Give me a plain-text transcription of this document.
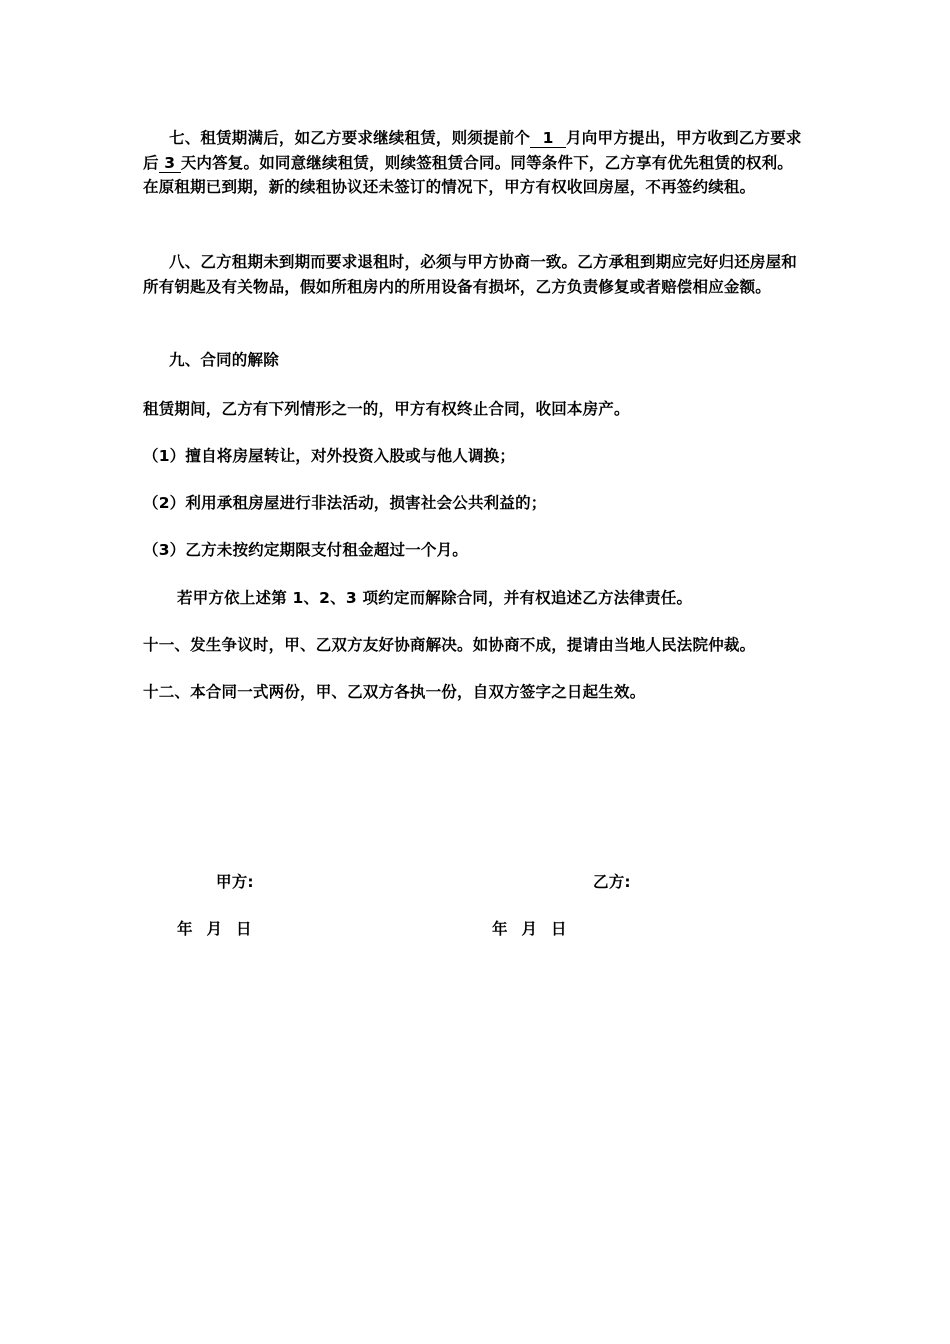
七、租赁期满后，如乙方要求继续租赁，则须提前个 1 月向甲方提出，甲方收到乙方要求后 3 天内答复。如同意继续租赁，则续签租赁合同。同等条件下，乙方享有优先租赁的权利。在原租期已到期，新的续租协议还未签订的情况下，甲方有权收回房屋，不再签约续租。
八、乙方租期未到期而要求退租时，必须与甲方协商一致。乙方承租到期应完好归还房屋和所有钥匙及有关物品，假如所租房内的所用设备有损坏，乙方负责修复或者赔偿相应金额。
九、合同的解除
租赁期间，乙方有下列情形之一的，甲方有权终止合同，收回本房产。
（1）擅自将房屋转让，对外投资入股或与他人调换；
（2）利用承租房屋进行非法活动，损害社会公共利益的；
（3）乙方未按约定期限支付租金超过一个月。
若甲方依上述第 1、2、3 项约定而解除合同，并有权追述乙方法律责任。
十一、发生争议时，甲、乙双方友好协商解决。如协商不成，提请由当地人民法院仲裁。
十二、本合同一式两份，甲、乙双方各执一份，自双方签字之日起生效。
甲方:	乙方:
年 月 日	年 月 日
